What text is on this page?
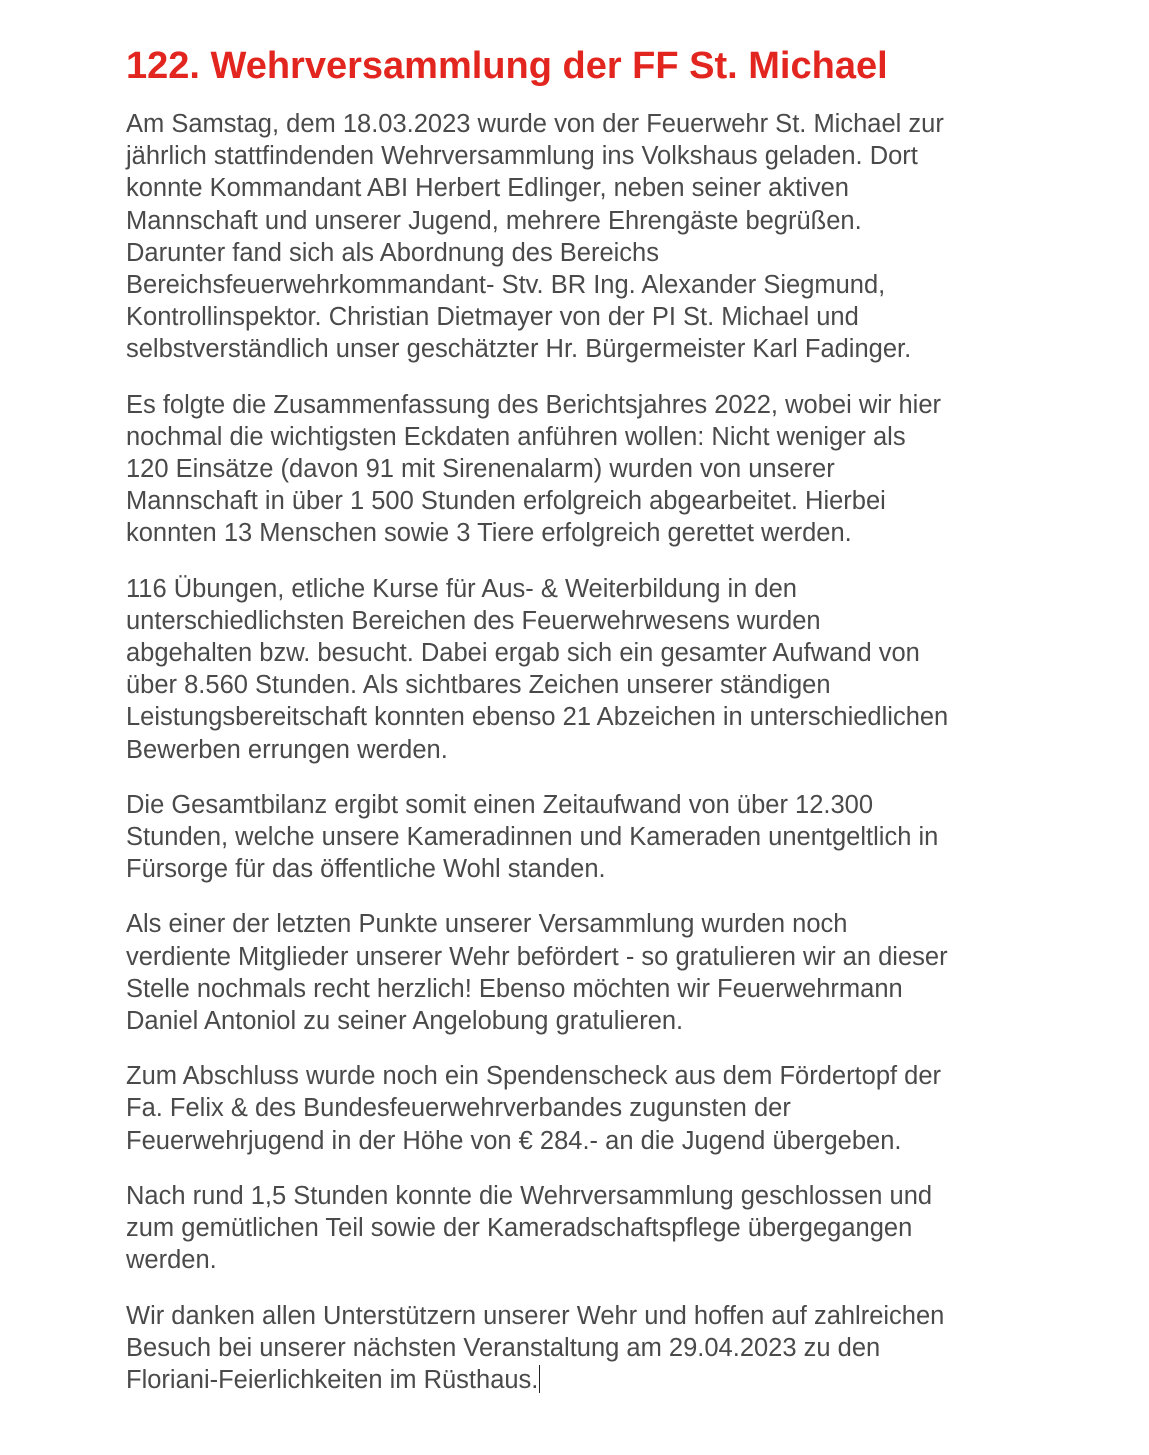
122. Wehrversammlung der FF St. Michael

Am Samstag, dem 18.03.2023 wurde von der Feuerwehr St. Michael zur
jährlich stattfindenden Wehrversammlung ins Volkshaus geladen. Dort
konnte Kommandant ABI Herbert Edlinger, neben seiner aktiven
Mannschaft und unserer Jugend, mehrere Ehrengäste begrüßen.
Darunter fand sich als Abordnung des Bereichs
Bereichsfeuerwehrkommandant- Stv. BR Ing. Alexander Siegmund,
Kontrollinspektor. Christian Dietmayer von der PI St. Michael und
selbstverständlich unser geschätzter Hr. Bürgermeister Karl Fadinger.

Es folgte die Zusammenfassung des Berichtsjahres 2022, wobei wir hier
nochmal die wichtigsten Eckdaten anführen wollen: Nicht weniger als
120 Einsätze (davon 91 mit Sirenenalarm) wurden von unserer
Mannschaft in über 1 500 Stunden erfolgreich abgearbeitet. Hierbei
konnten 13 Menschen sowie 3 Tiere erfolgreich gerettet werden.

116 Übungen, etliche Kurse für Aus- & Weiterbildung in den
unterschiedlichsten Bereichen des Feuerwehrwesens wurden
abgehalten bzw. besucht. Dabei ergab sich ein gesamter Aufwand von
über 8.560 Stunden. Als sichtbares Zeichen unserer ständigen
Leistungsbereitschaft konnten ebenso 21 Abzeichen in unterschiedlichen
Bewerben errungen werden.

Die Gesamtbilanz ergibt somit einen Zeitaufwand von über 12.300
Stunden, welche unsere Kameradinnen und Kameraden unentgeltlich in
Fürsorge für das öffentliche Wohl standen.

Als einer der letzten Punkte unserer Versammlung wurden noch
verdiente Mitglieder unserer Wehr befördert - so gratulieren wir an dieser
Stelle nochmals recht herzlich! Ebenso möchten wir Feuerwehrmann
Daniel Antoniol zu seiner Angelobung gratulieren.

Zum Abschluss wurde noch ein Spendenscheck aus dem Fördertopf der
Fa. Felix & des Bundesfeuerwehrverbandes zugunsten der
Feuerwehrjugend in der Höhe von € 284.- an die Jugend übergeben.

Nach rund 1,5 Stunden konnte die Wehrversammlung geschlossen und
zum gemütlichen Teil sowie der Kameradschaftspflege übergegangen
werden.

Wir danken allen Unterstützern unserer Wehr und hoffen auf zahlreichen
Besuch bei unserer nächsten Veranstaltung am 29.04.2023 zu den
Floriani-Feierlichkeiten im Rüsthaus.
